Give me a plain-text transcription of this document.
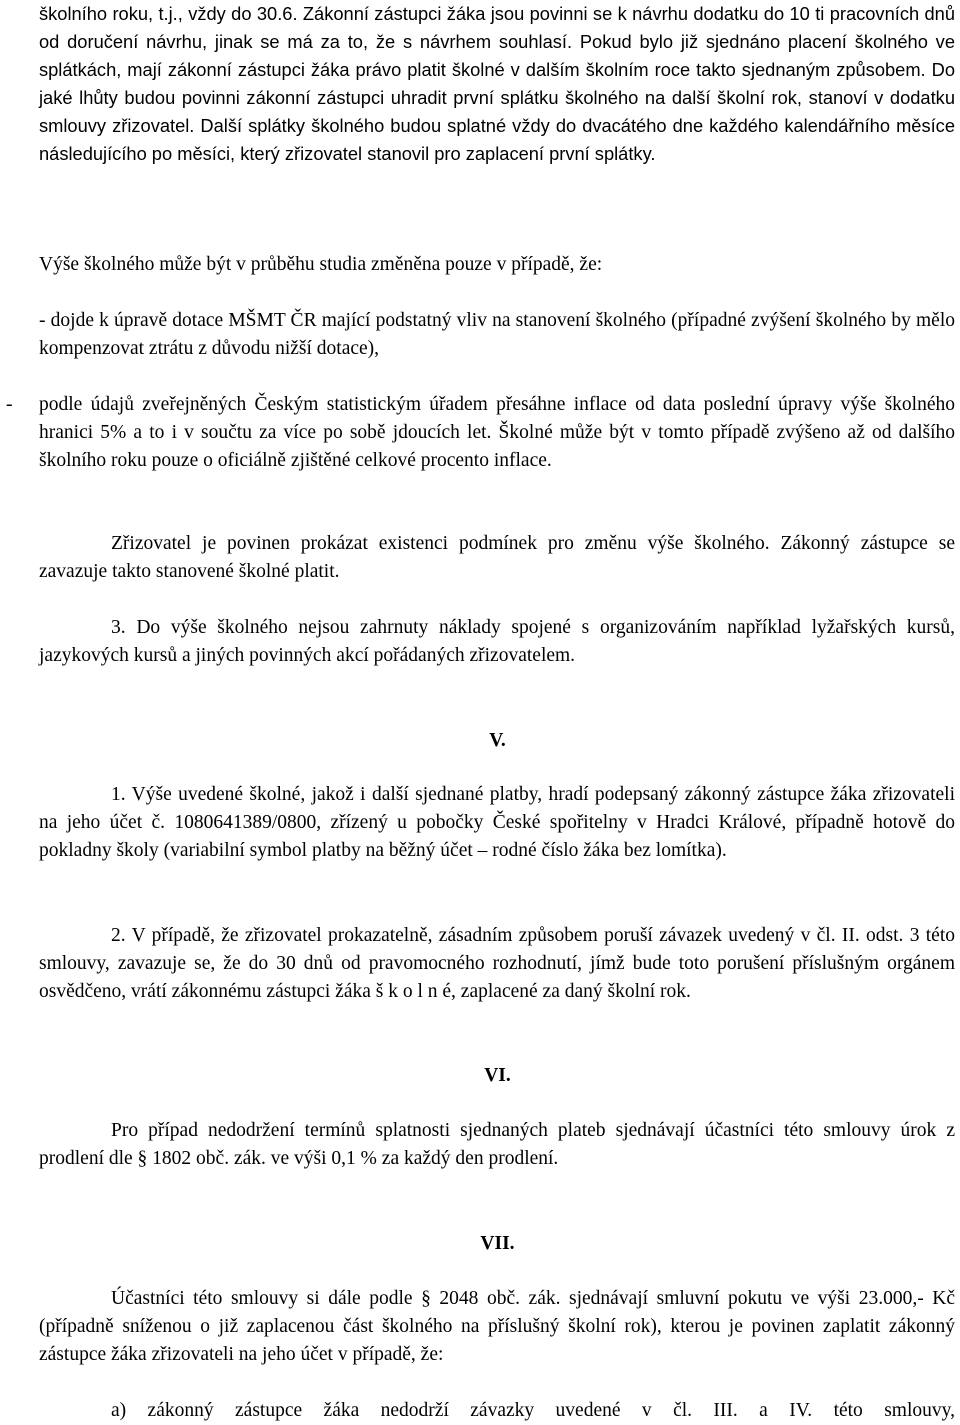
školního roku, t.j., vždy do 30.6. Zákonní zástupci žáka jsou povinni se k návrhu dodatku do 10 ti pracovních dnů od doručení návrhu, jinak se má za to, že s návrhem souhlasí. Pokud bylo již sjednáno placení školného ve splátkách, mají zákonní zástupci žáka právo platit školné v dalším školním roce takto sjednaným způsobem. Do jaké lhůty budou povinni zákonní zástupci uhradit první splátku školného na další školní rok, stanoví v dodatku smlouvy zřizovatel. Další splátky školného budou splatné vždy do dvacátého dne každého kalendářního měsíce následujícího po měsíci, který zřizovatel stanovil pro zaplacení první splátky.

Výše školného může být v průběhu studia změněna pouze v případě, že:

- dojde k úpravě dotace MŠMT ČR mající podstatný vliv na stanovení školného (případné zvýšení školného by mělo kompenzovat ztrátu z důvodu nižší dotace),

- podle údajů zveřejněných Českým statistickým úřadem přesáhne inflace od data poslední úpravy výše školného hranici 5% a to i v součtu za více po sobě jdoucích let. Školné může být v tomto případě zvýšeno až od dalšího školního roku pouze o oficiálně zjištěné celkové procento inflace.

Zřizovatel je povinen prokázat existenci podmínek pro změnu výše školného. Zákonný zástupce se zavazuje takto stanovené školné platit.

3. Do výše školného nejsou zahrnuty náklady spojené s organizováním například lyžařských kursů, jazykových kursů a jiných povinných akcí pořádaných zřizovatelem.

V.

1. Výše uvedené školné, jakož i další sjednané platby, hradí podepsaný zákonný zástupce žáka zřizovateli na jeho účet č. 1080641389/0800, zřízený u pobočky České spořitelny v Hradci Králové, případně hotově do pokladny školy (variabilní symbol platby na běžný účet – rodné číslo žáka bez lomítka).

2. V případě, že zřizovatel prokazatelně, zásadním způsobem poruší závazek uvedený v čl. II. odst. 3 této smlouvy, zavazuje se, že do 30 dnů od pravomocného rozhodnutí, jímž bude toto porušení příslušným orgánem osvědčeno, vrátí zákonnému zástupci žáka š k o l n é, zaplacené za daný školní rok.

VI.

Pro případ nedodržení termínů splatnosti sjednaných plateb sjednávají účastníci této smlouvy úrok z prodlení dle § 1802 obč. zák. ve výši 0,1 % za každý den prodlení.

VII.

Účastníci této smlouvy si dále podle § 2048 obč. zák. sjednávají smluvní pokutu ve výši 23.000,- Kč (případně sníženou o již zaplacenou část školného na příslušný školní rok), kterou je povinen zaplatit zákonný zástupce žáka zřizovateli na jeho účet v případě, že:

a) zákonný zástupce žáka nedodrží závazky uvedené v čl. III. a IV. této smlouvy,
